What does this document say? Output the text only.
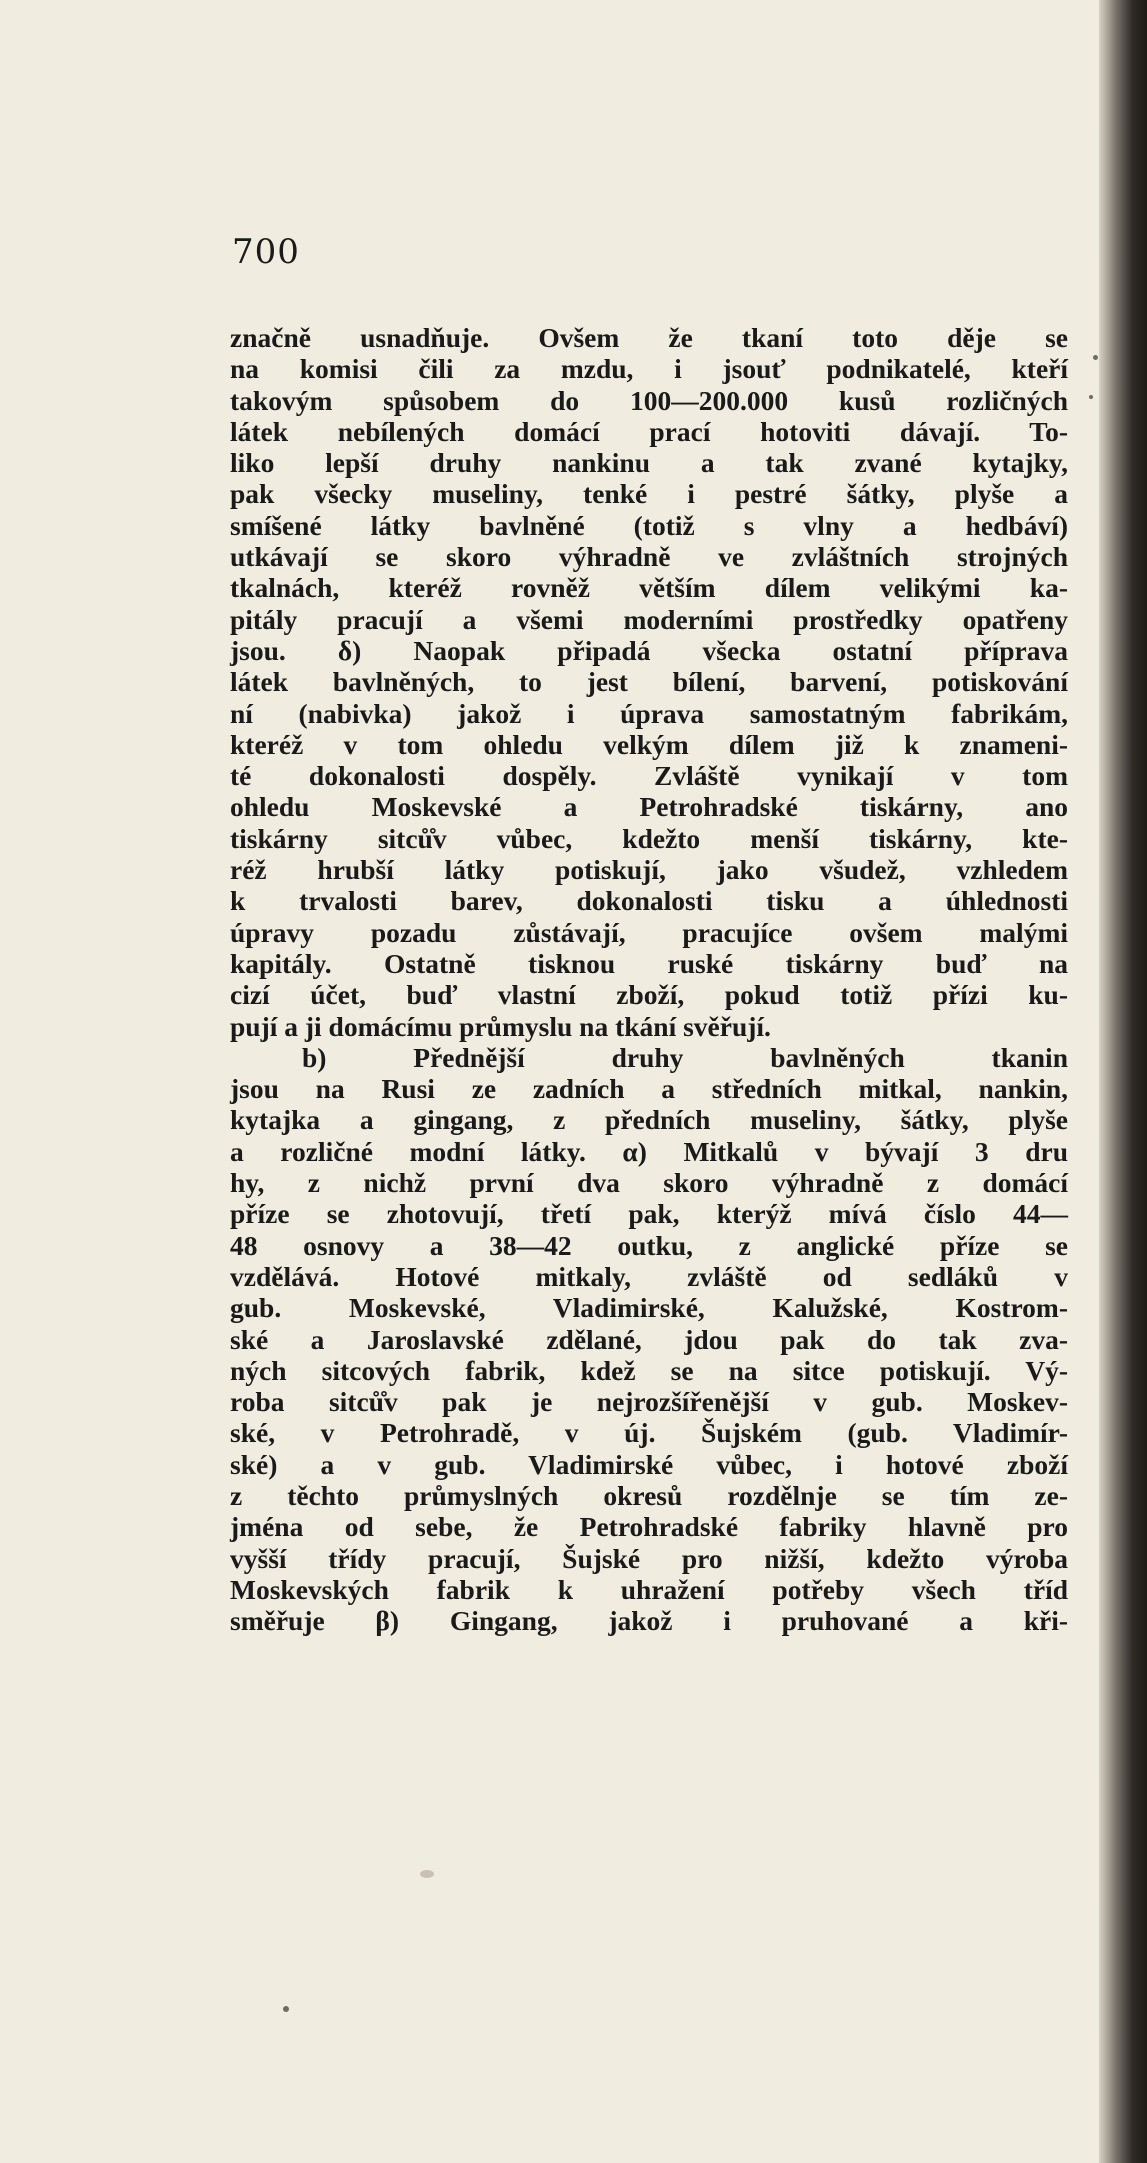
700
značně usnadňuje. Ovšem že tkaní toto děje se
na komisi čili za mzdu, i jsouť podnikatelé, kteří
takovým spůsobem do 100—200.000 kusů rozličných
látek nebílených domácí prací hotoviti dávají. To-
liko lepší druhy nankinu a tak zvané kytajky,
pak všecky museliny, tenké i pestré šátky, plyše a
smíšené látky bavlněné (totiž s vlny a hedbáví)
utkávají se skoro výhradně ve zvláštních strojných
tkalnách, kteréž rovněž větším dílem velikými ka-
pitály pracují a všemi moderními prostředky opatřeny
jsou. δ) Naopak připadá všecka ostatní příprava
látek bavlněných, to jest bílení, barvení, potiskování
ní (nabivka) jakož i úprava samostatným fabrikám,
kteréž v tom ohledu velkým dílem již k znameni-
té dokonalosti dospěly. Zvláště vynikají v tom
ohledu Moskevské a Petrohradské tiskárny, ano
tiskárny sitců̊v vůbec, kdežto menší tiskárny, kte-
réž hrubší látky potiskují, jako všudež, vzhledem
k trvalosti barev, dokonalosti tisku a úhlednosti
úpravy pozadu zůstávají, pracujíce ovšem malými
kapitály. Ostatně tisknou ruské tiskárny buď na
cizí účet, buď vlastní zboží, pokud totiž přízi ku-
pují a ji domácímu průmyslu na tkání svěřují.
b) Přednější druhy bavlněných tkanin
jsou na Rusi ze zadních a středních mitkal, nankin,
kytajka a gingang, z předních museliny, šátky, plyše
a rozličné modní látky. α) Mitkalů v bývají 3 dru
hy, z nichž první dva skoro výhradně z domácí
příze se zhotovují, třetí pak, kterýž mívá číslo 44—
48 osnovy a 38—42 outku, z anglické příze se
vzdělává. Hotové mitkaly, zvláště od sedláků v
gub. Moskevské, Vladimirské, Kalužské, Kostrom-
ské a Jaroslavské zdělané, jdou pak do tak zva-
ných sitcových fabrik, kdež se na sitce potiskují. Vý-
roba sitců̊v pak je nejrozšířenější v gub. Moskev-
ské, v Petrohradě, v új. Šujském (gub. Vladimír-
ské) a v gub. Vladimirské vůbec, i hotové zboží
z těchto průmyslných okresů rozdělnje se tím ze-
jména od sebe, že Petrohradské fabriky hlavně pro
vyšší třídy pracují, Šujské pro nižší, kdežto výroba
Moskevských fabrik k uhražení potřeby všech tříd
směřuje β) Gingang, jakož i pruhované a kři-
